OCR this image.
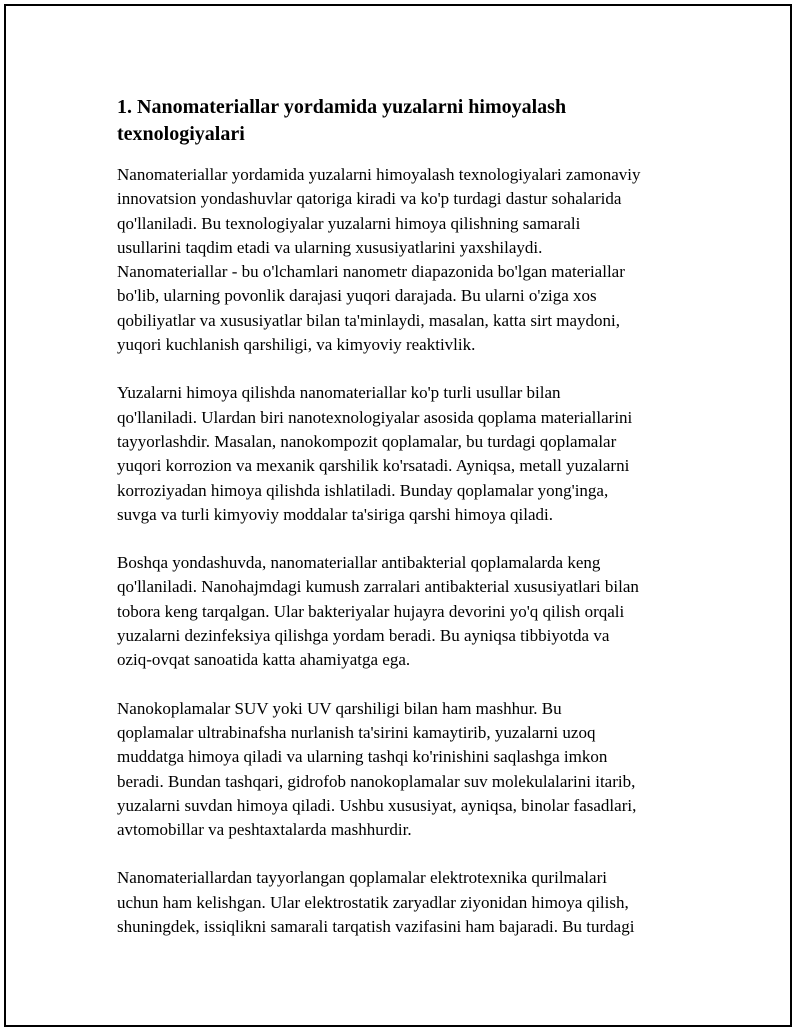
1. Nanomateriallar yordamida yuzalarni himoyalash
texnologiyalari

Nanomateriallar yordamida yuzalarni himoyalash texnologiyalari zamonaviy
innovatsion yondashuvlar qatoriga kiradi va ko'p turdagi dastur sohalarida
qo'llaniladi. Bu texnologiyalar yuzalarni himoya qilishning samarali
usullarini taqdim etadi va ularning xususiyatlarini yaxshilaydi.
Nanomateriallar - bu o'lchamlari nanometr diapazonida bo'lgan materiallar
bo'lib, ularning povonlik darajasi yuqori darajada. Bu ularni o'ziga xos
qobiliyatlar va xususiyatlar bilan ta'minlaydi, masalan, katta sirt maydoni,
yuqori kuchlanish qarshiligi, va kimyoviy reaktivlik.

Yuzalarni himoya qilishda nanomateriallar ko'p turli usullar bilan
qo'llaniladi. Ulardan biri nanotexnologiyalar asosida qoplama materiallarini
tayyorlashdir. Masalan, nanokompozit qoplamalar, bu turdagi qoplamalar
yuqori korrozion va mexanik qarshilik ko'rsatadi. Ayniqsa, metall yuzalarni
korroziyadan himoya qilishda ishlatiladi. Bunday qoplamalar yong'inga,
suvga va turli kimyoviy moddalar ta'siriga qarshi himoya qiladi.

Boshqa yondashuvda, nanomateriallar antibakterial qoplamalarda keng
qo'llaniladi. Nanohajmdagi kumush zarralari antibakterial xususiyatlari bilan
tobora keng tarqalgan. Ular bakteriyalar hujayra devorini yo'q qilish orqali
yuzalarni dezinfeksiya qilishga yordam beradi. Bu ayniqsa tibbiyotda va
oziq-ovqat sanoatida katta ahamiyatga ega.

Nanokoplamalar SUV yoki UV qarshiligi bilan ham mashhur. Bu
qoplamalar ultrabinafsha nurlanish ta'sirini kamaytirib, yuzalarni uzoq
muddatga himoya qiladi va ularning tashqi ko'rinishini saqlashga imkon
beradi. Bundan tashqari, gidrofob nanokoplamalar suv molekulalarini itarib,
yuzalarni suvdan himoya qiladi. Ushbu xususiyat, ayniqsa, binolar fasadlari,
avtomobillar va peshtaxtalarda mashhurdir.

Nanomateriallardan tayyorlangan qoplamalar elektrotexnika qurilmalari
uchun ham kelishgan. Ular elektrostatik zaryadlar ziyonidan himoya qilish,
shuningdek, issiqlikni samarali tarqatish vazifasini ham bajaradi. Bu turdagi
